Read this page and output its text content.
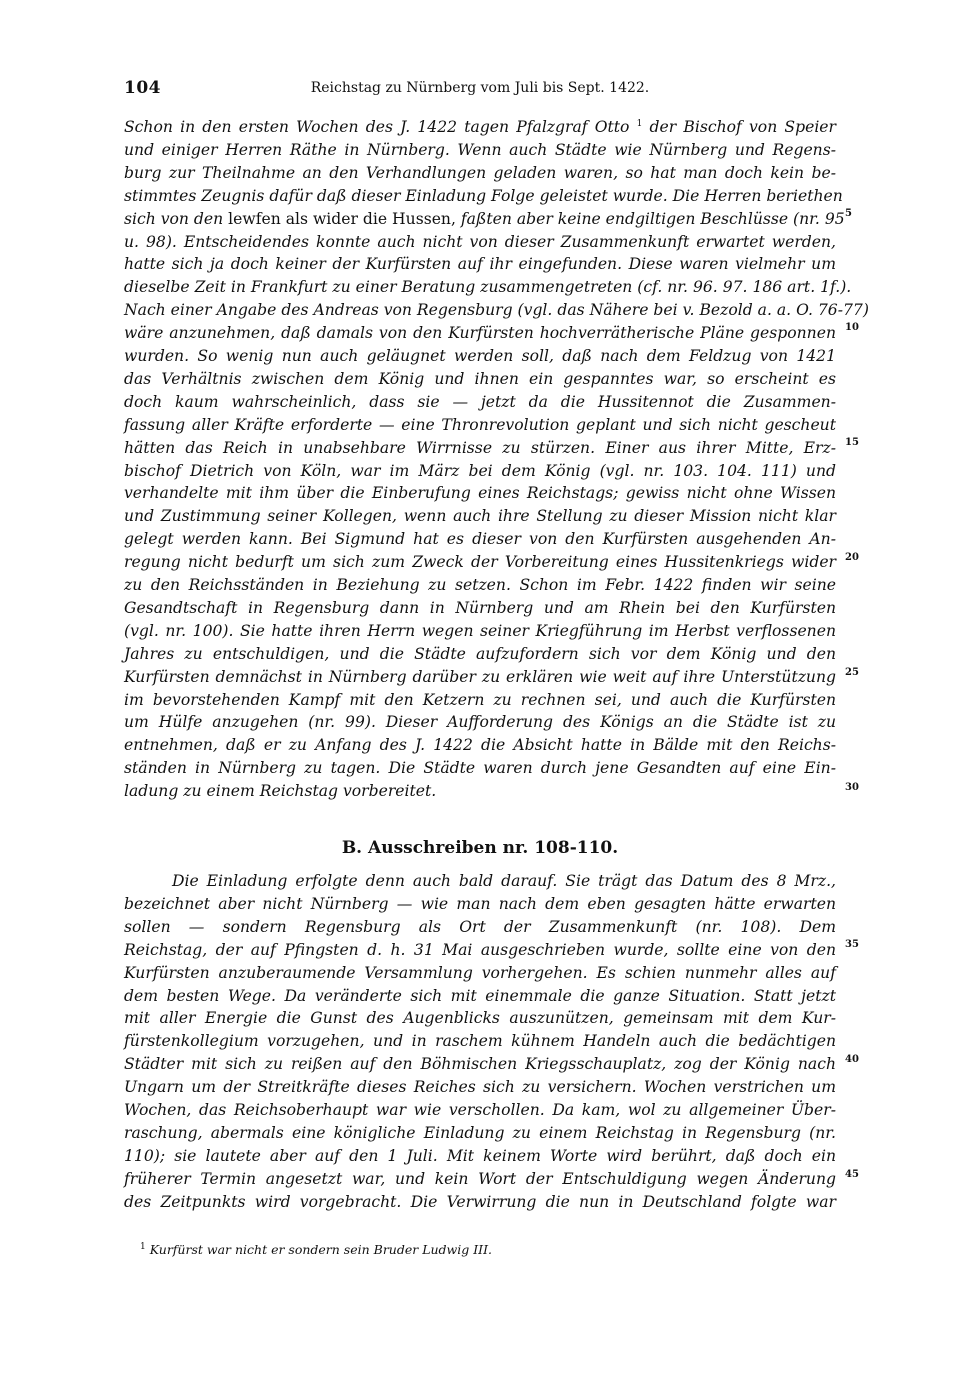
104	Reichstag zu Nürnberg vom Juli bis Sept. 1422.
Schon in den ersten Wochen des J. 1422 tagen Pfalzgraf Otto $^1$ der Bischof von Speier
und einiger Herren Räthe in Nürnberg. Wenn auch Städte wie Nürnberg und Regens-
burg zur Theilnahme an den Verhandlungen geladen waren, so hat man doch kein be-
stimmtes Zeugnis dafür daß dieser Einladung Folge geleistet wurde. Die Herren beriethen
sich von den lewfen als wider die Hussen, faßten aber keine endgiltigen Beschlüsse (nr. 95
u. 98). Entscheidendes konnte auch nicht von dieser Zusammenkunft erwartet werden,
hatte sich ja doch keiner der Kurfürsten auf ihr eingefunden. Diese waren vielmehr um
dieselbe Zeit in Frankfurt zu einer Beratung zusammengetreten (cf. nr. 96. 97. 186 art. 1f.).
Nach einer Angabe des Andreas von Regensburg (vgl. das Nähere bei v. Bezold a. a. O. 76-77)
wäre anzunehmen, daß damals von den Kurfürsten hochverrätherische Pläne gesponnen
wurden. So wenig nun auch geläugnet werden soll, daß nach dem Feldzug von 1421
das Verhältnis zwischen dem König und ihnen ein gespanntes war, so erscheint es
doch kaum wahrscheinlich, dass sie — jetzt da die Hussitennot die Zusammen-
fassung aller Kräfte erforderte — eine Thronrevolution geplant und sich nicht gescheut
hätten das Reich in unabsehbare Wirrnisse zu stürzen. Einer aus ihrer Mitte, Erz-
bischof Dietrich von Köln, war im März bei dem König (vgl. nr. 103. 104. 111) und
verhandelte mit ihm über die Einberufung eines Reichstags; gewiss nicht ohne Wissen
und Zustimmung seiner Kollegen, wenn auch ihre Stellung zu dieser Mission nicht klar
gelegt werden kann. Bei Sigmund hat es dieser von den Kurfürsten ausgehenden An-
regung nicht bedurft um sich zum Zweck der Vorbereitung eines Hussitenkriegs wider
zu den Reichsständen in Beziehung zu setzen. Schon im Febr. 1422 finden wir seine
Gesandtschaft in Regensburg dann in Nürnberg und am Rhein bei den Kurfürsten
(vgl. nr. 100). Sie hatte ihren Herrn wegen seiner Kriegführung im Herbst verflossenen
Jahres zu entschuldigen, und die Städte aufzufordern sich vor dem König und den
Kurfürsten demnächst in Nürnberg darüber zu erklären wie weit auf ihre Unterstützung
im bevorstehenden Kampf mit den Ketzern zu rechnen sei, und auch die Kurfürsten
um Hülfe anzugehen (nr. 99). Dieser Aufforderung des Königs an die Städte ist zu
entnehmen, daß er zu Anfang des J. 1422 die Absicht hatte in Bälde mit den Reichs-
ständen in Nürnberg zu tagen. Die Städte waren durch jene Gesandten auf eine Ein-
ladung zu einem Reichstag vorbereitet.
B. Ausschreiben nr. 108-110.
Die Einladung erfolgte denn auch bald darauf. Sie trägt das Datum des 8 Mrz.,
bezeichnet aber nicht Nürnberg — wie man nach dem eben gesagten hätte erwarten
sollen — sondern Regensburg als Ort der Zusammenkunft (nr. 108). Dem
Reichstag, der auf Pfingsten d. h. 31 Mai ausgeschrieben wurde, sollte eine von den
Kurfürsten anzuberaumende Versammlung vorhergehen. Es schien nunmehr alles auf
dem besten Wege. Da veränderte sich mit einemmale die ganze Situation. Statt jetzt
mit aller Energie die Gunst des Augenblicks auszunützen, gemeinsam mit dem Kur-
fürstenkollegium vorzugehen, und in raschem kühnem Handeln auch die bedächtigen
Städter mit sich zu reißen auf den Böhmischen Kriegsschauplatz, zog der König nach
Ungarn um der Streitkräfte dieses Reiches sich zu versichern. Wochen verstrichen um
Wochen, das Reichsoberhaupt war wie verschollen. Da kam, wol zu allgemeiner Über-
raschung, abermals eine königliche Einladung zu einem Reichstag in Regensburg (nr.
110); sie lautete aber auf den 1 Juli. Mit keinem Worte wird berührt, daß doch ein
früherer Termin angesetzt war, und kein Wort der Entschuldigung wegen Änderung
des Zeitpunkts wird vorgebracht. Die Verwirrung die nun in Deutschland folgte war
5
10
15
20
25
30
35
40
45
$^1$ Kurfürst war nicht er sondern sein Bruder Ludwig III.
